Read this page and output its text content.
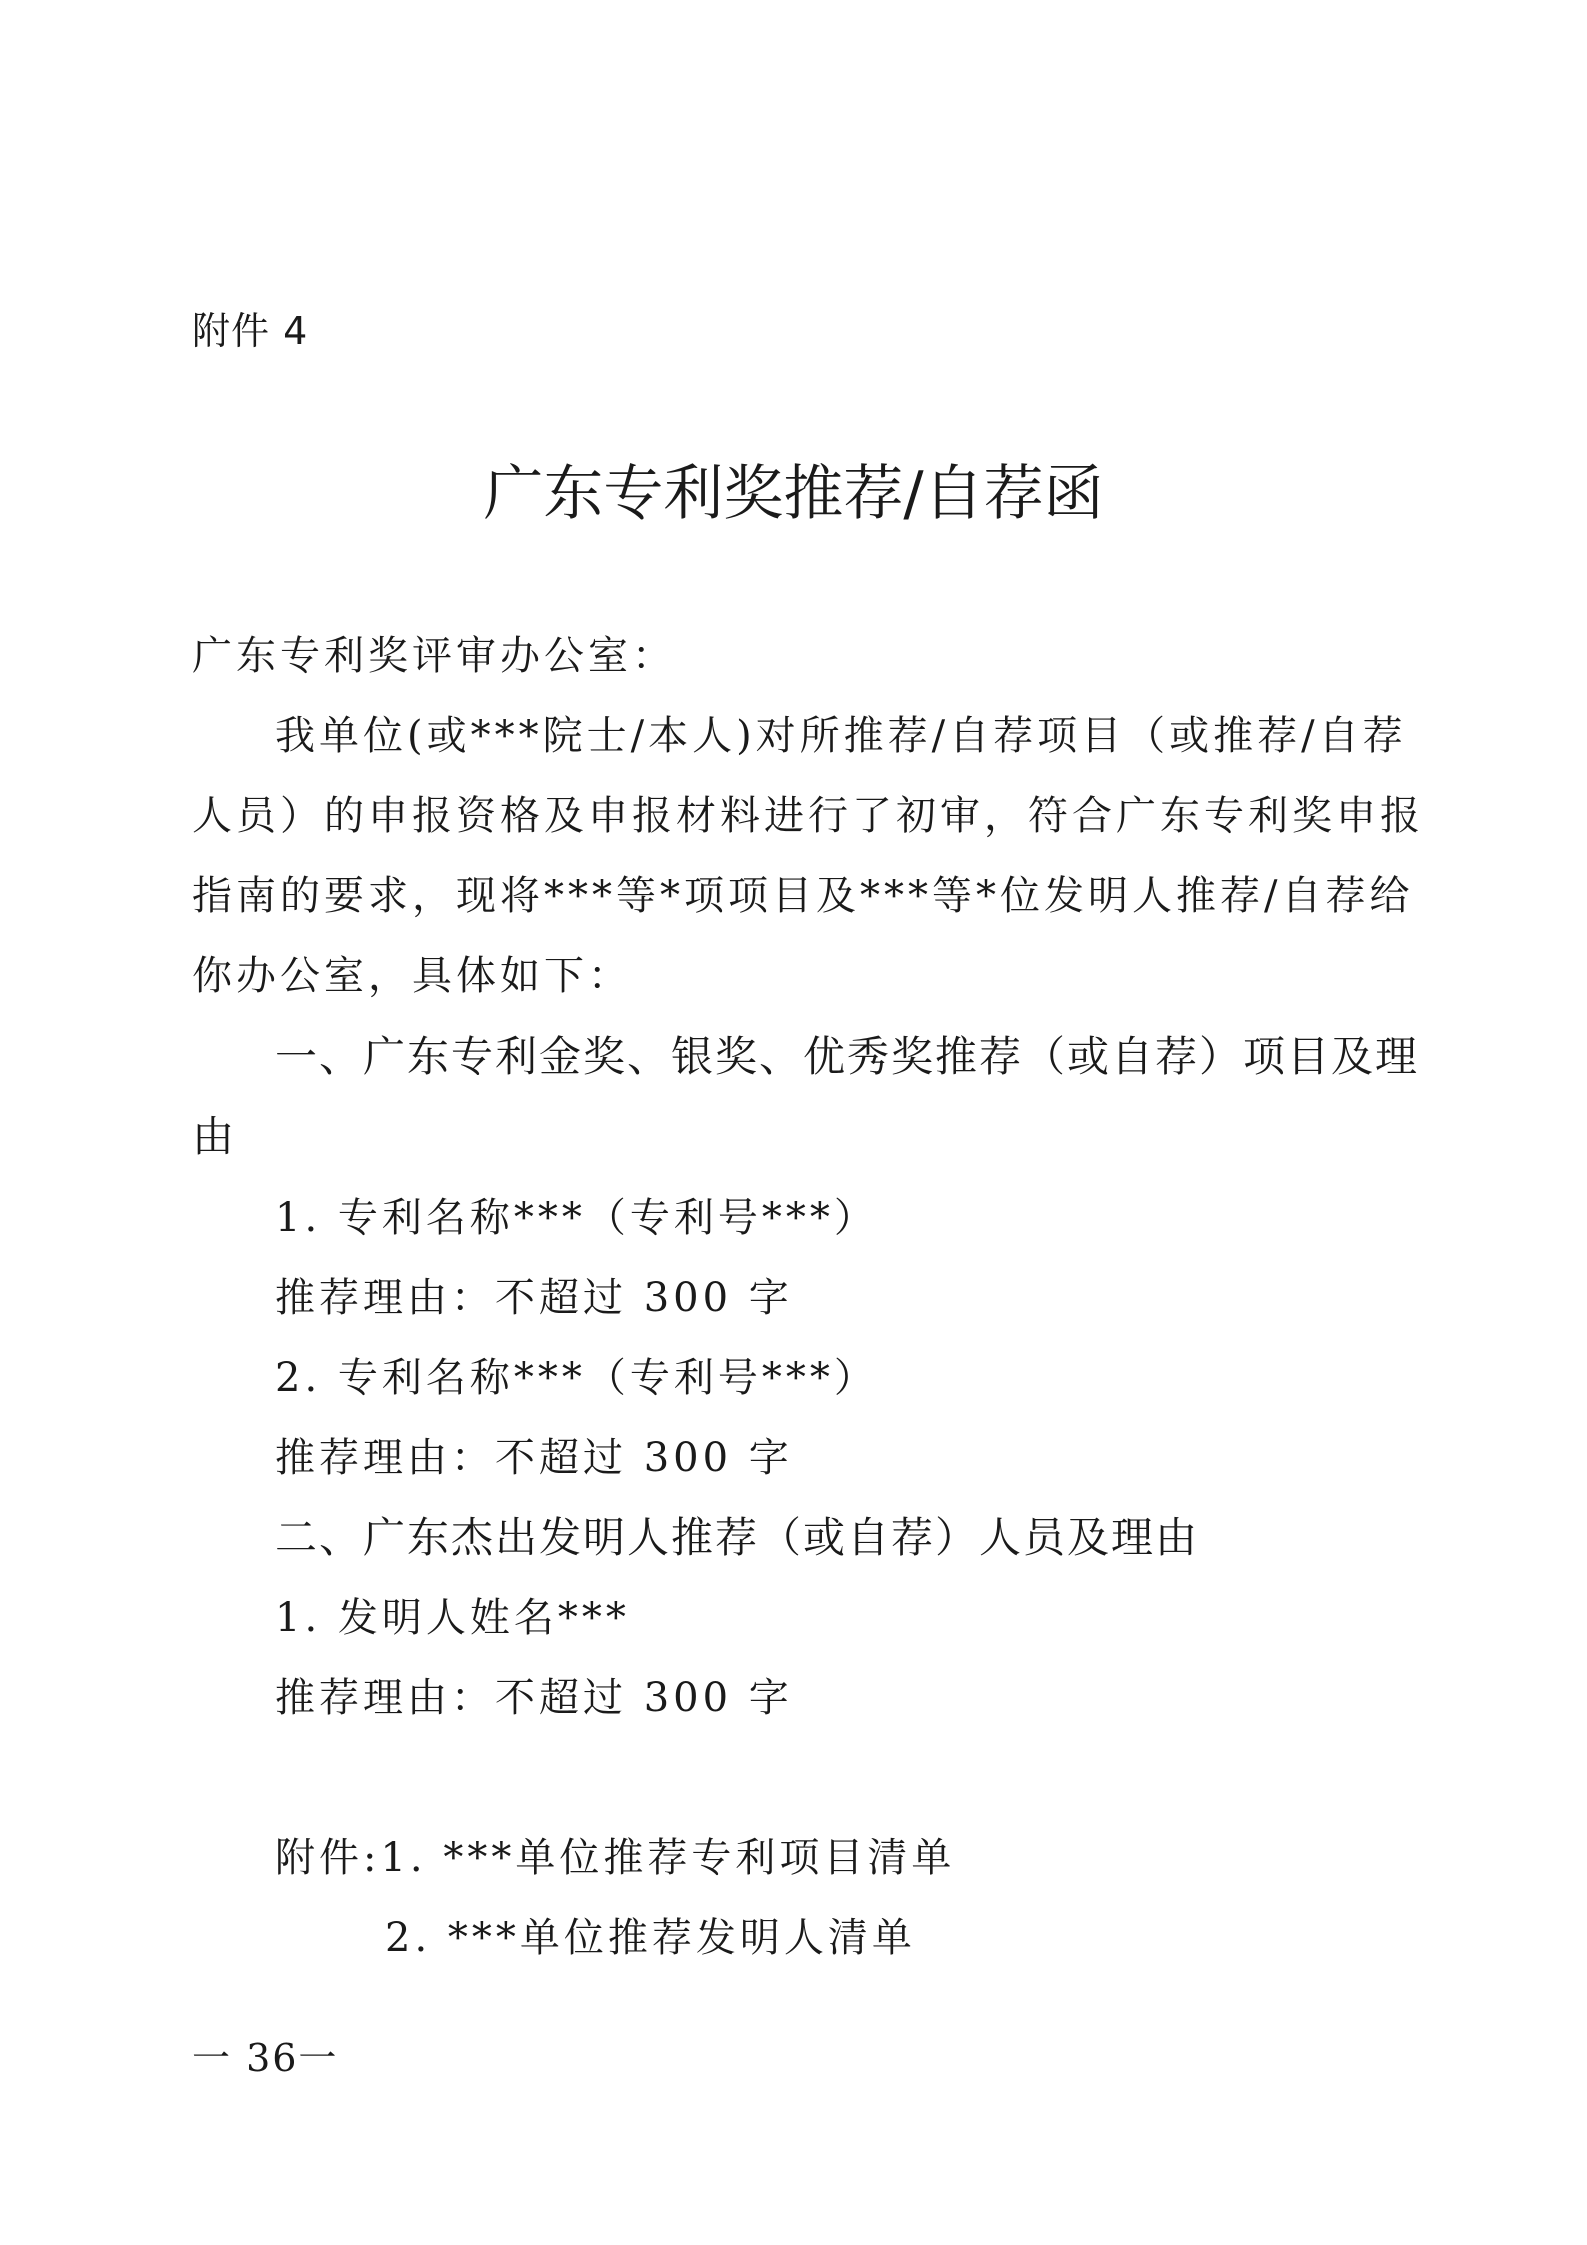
附件 4
广东专利奖推荐/自荐函
广东专利奖评审办公室：
我单位(或***院士/本人)对所推荐/自荐项目（或推荐/自荐
人员）的申报资格及申报材料进行了初审，符合广东专利奖申报
指南的要求，现将***等*项项目及***等*位发明人推荐/自荐给
你办公室，具体如下：
一、广东专利金奖、银奖、优秀奖推荐（或自荐）项目及理
由
1. 专利名称***（专利号***）
推荐理由：不超过 300 字
2. 专利名称***（专利号***）
推荐理由：不超过 300 字
二、广东杰出发明人推荐（或自荐）人员及理由
1. 发明人姓名***
推荐理由：不超过 300 字
附件:1. ***单位推荐专利项目清单
2. ***单位推荐发明人清单
一 36一
